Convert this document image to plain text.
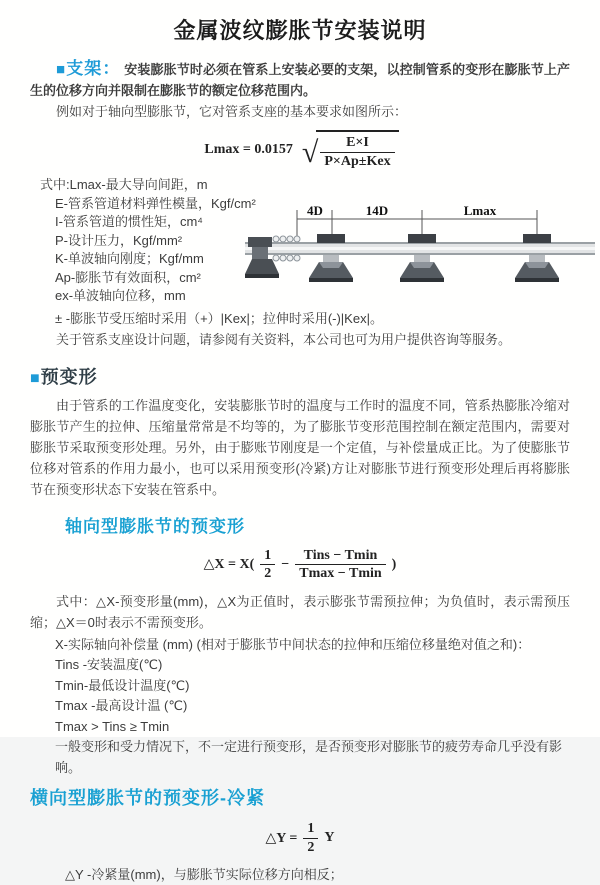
金属波纹膨胀节安装说明

■支架： 安装膨胀节时必须在管系上安装必要的支架，以控制管系的变形在膨胀节上产生的位移方向并限制在膨胀节的额定位移范围内。

例如对于轴向型膨胀节，它对管系支座的基本要求如图所示：

Lmax = 0.0157 √ $\frac{E\times I}{\text{P×Ap±Kex}}$
式中:Lmax-最大导向间距，m
E-管系管道材料弹性模量，Kgf/cm²
I-管系管道的惯性矩，cm⁴
P-设计压力，Kgf/mm²
K-单波轴向刚度；Kgf/mm
Ap-膨胀节有效面积，cm²
ex-单波轴向位移，mm
4D	14D	Lmax

± -膨胀节受压缩时采用（+）|Kex|；拉伸时采用(-)|Kex|。

关于管系支座设计问题，请参阅有关资料，本公司也可为用户提供咨询等服务。

■预变形

由于管系的工作温度变化，安装膨胀节时的温度与工作时的温度不同，管系热膨胀冷缩对膨胀节产生的拉伸、压缩量常常是不均等的，为了膨胀节变形范围控制在额定范围内，需要对膨胀节采取预变形处理。另外，由于膨账节刚度是一个定值，与补偿量成正比。为了使膨胀节位移对管系的作用力最小，也可以采用预变形(冷紧)方让对膨胀节进行预变形处理后再将膨胀节在预变形状态下安装在管系中。

轴向型膨胀节的预变形
△X = $X( \frac{1}{2} - \frac{\text{Tins − Tmin}}{Tmax - Tmin}$ )

式中：△X-预变形量(mm)，△X为正值时，表示膨张节需预拉伸；为负值时，表示需预压缩；△X＝0时表示不需预变形。

X-实际轴向补偿量 (mm) (相对于膨胀节中间状态的拉伸和压缩位移量绝对值之和)：

Tins -安装温度(℃)

Tmin-最低设计温度(℃)

Tmax -最高设计温 (℃)

Tmax > Tins ≥ Tmin

一般变形和受力情况下，不一定进行预变形，是否预变形对膨胀节的疲劳寿命几乎没有影响。

横向型膨胀节的预变形-冷紧
△Y = $\frac{1}{2}$ Y

△Y -冷紧量(mm)，与膨胀节实际位移方向相反；
